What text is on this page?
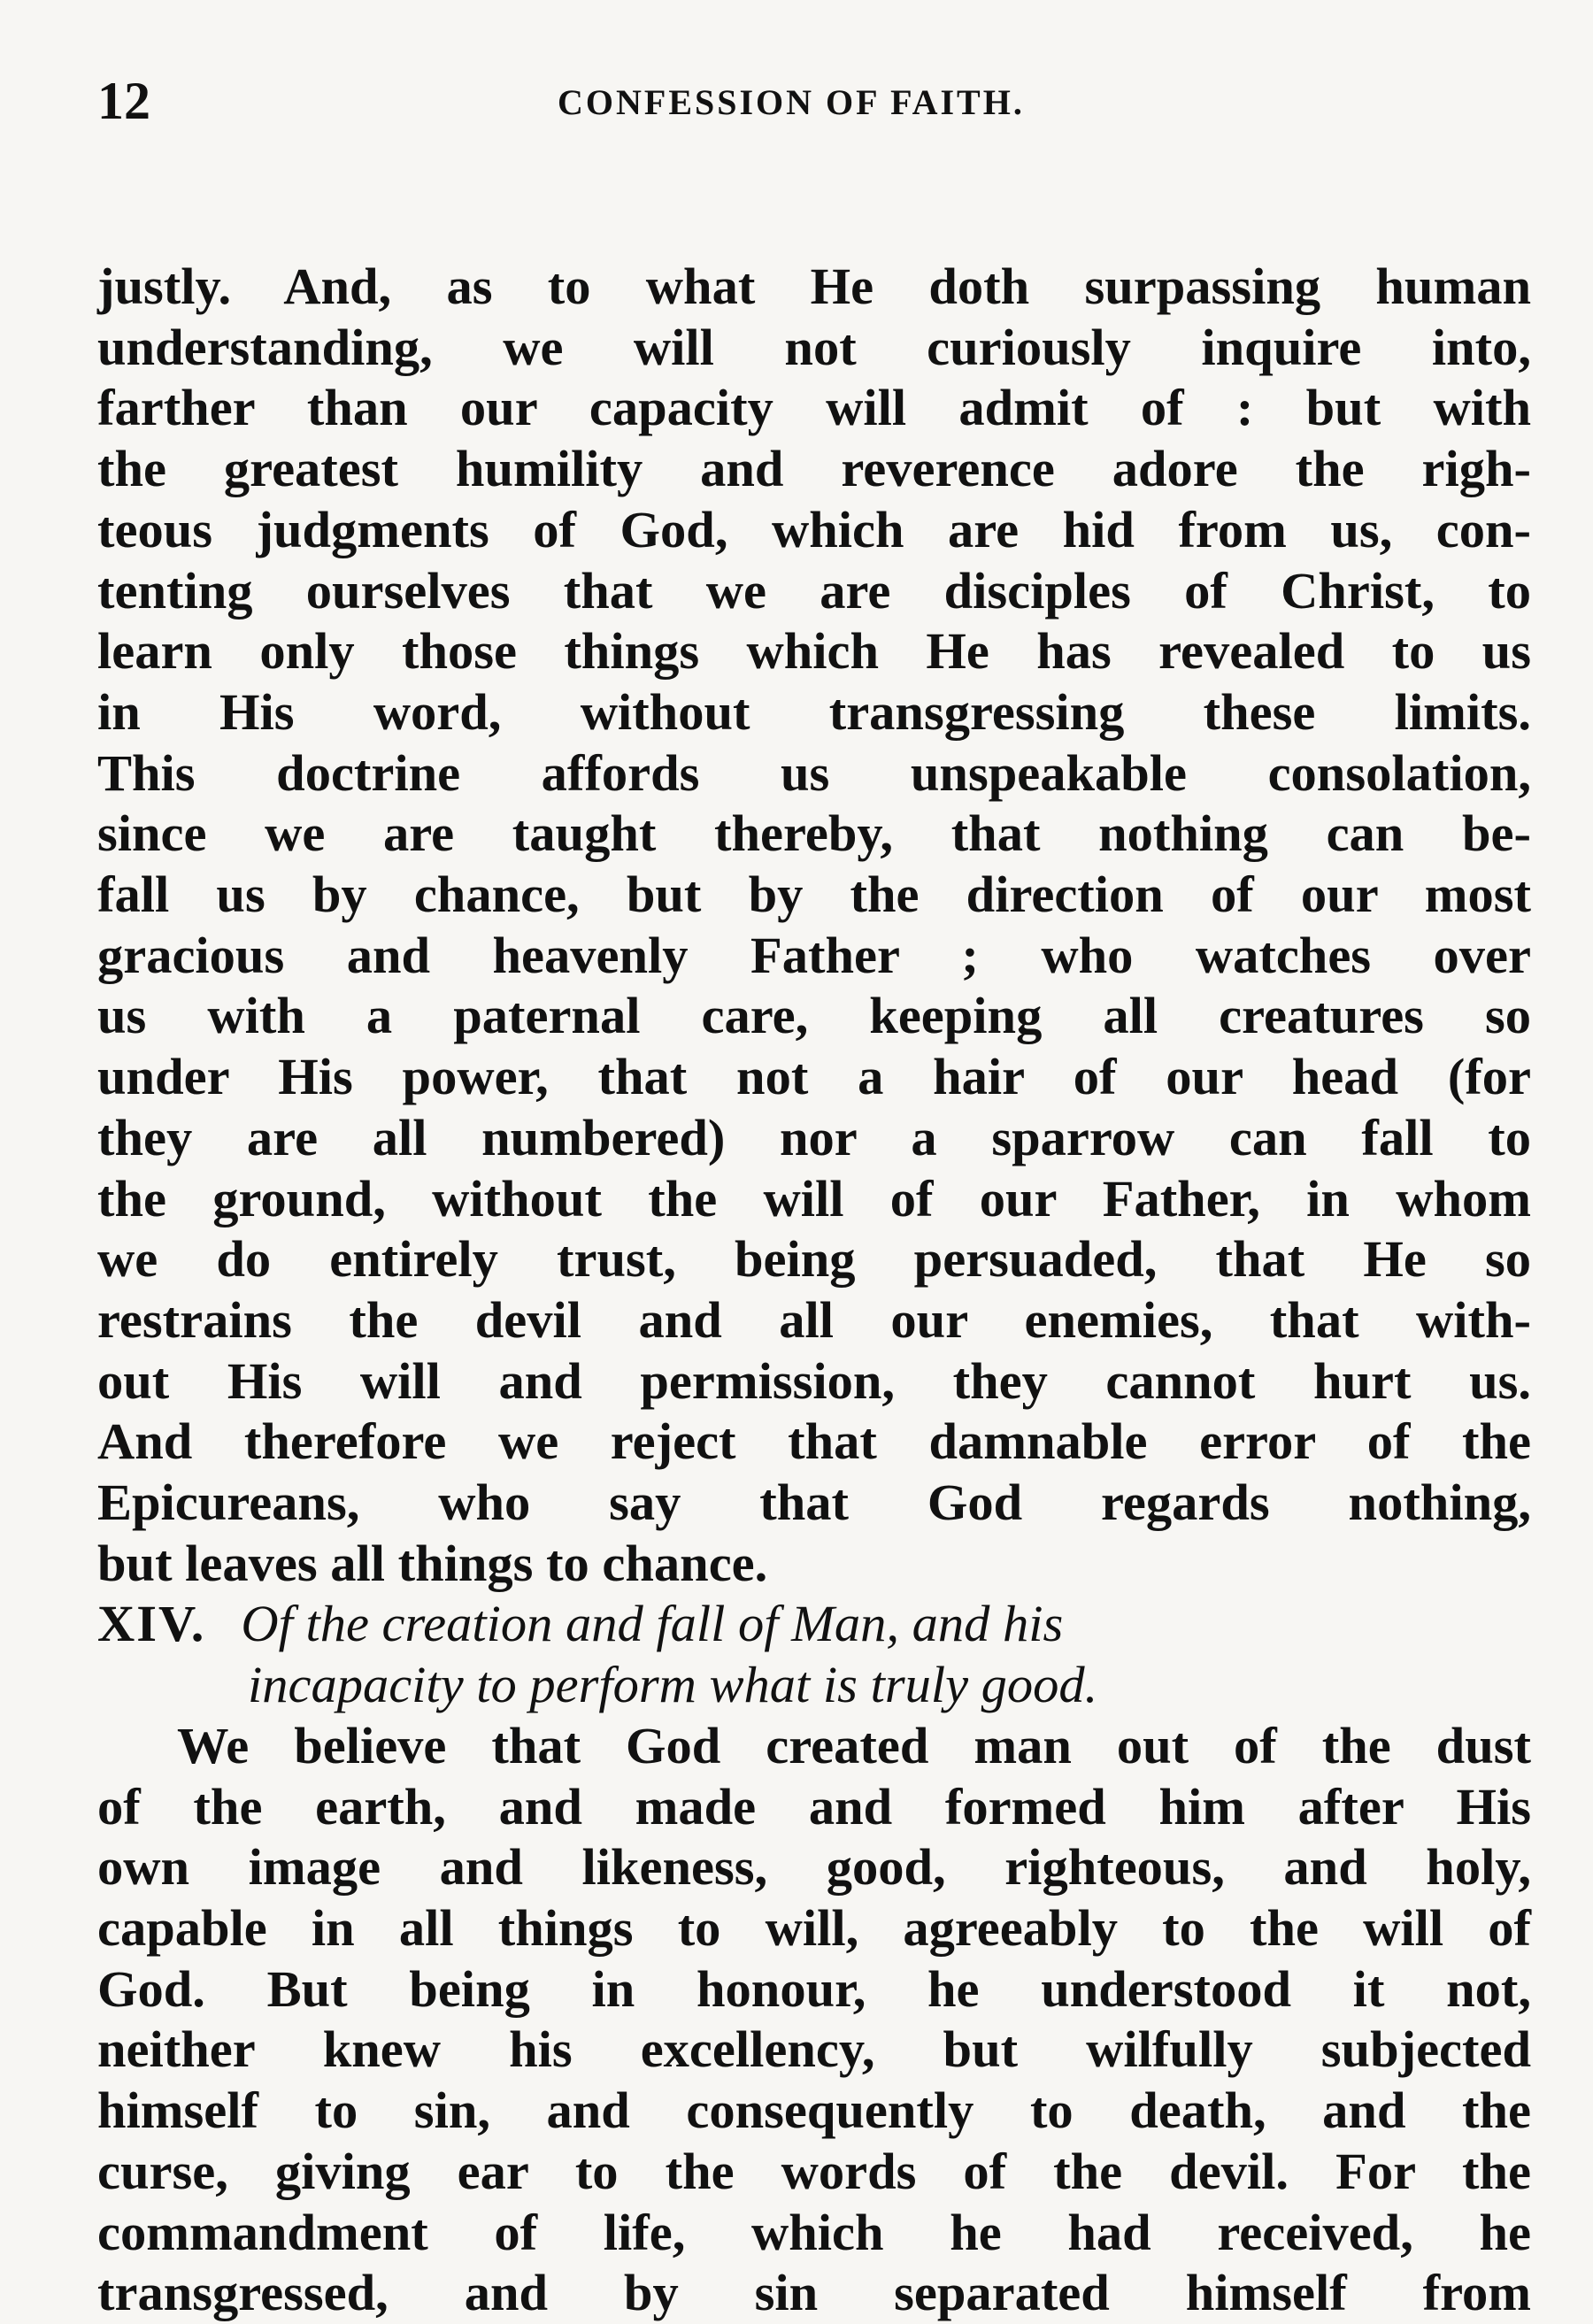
12	CONFESSION OF FAITH.
justly. And, as to what He doth surpassing human
understanding, we will not curiously inquire into,
farther than our capacity will admit of : but with
the greatest humility and reverence adore the righ-
teous judgments of God, which are hid from us, con-
tenting ourselves that we are disciples of Christ, to
learn only those things which He has revealed to us
in His word, without transgressing these limits.
This doctrine affords us unspeakable consolation,
since we are taught thereby, that nothing can be-
fall us by chance, but by the direction of our most
gracious and heavenly Father ; who watches over
us with a paternal care, keeping all creatures so
under His power, that not a hair of our head (for
they are all numbered) nor a sparrow can fall to
the ground, without the will of our Father, in whom
we do entirely trust, being persuaded, that He so
restrains the devil and all our enemies, that with-
out His will and permission, they cannot hurt us.
And therefore we reject that damnable error of the
Epicureans, who say that God regards nothing,
but leaves all things to chance.
XIV. Of the creation and fall of Man, and his
incapacity to perform what is truly good.
We believe that God created man out of the dust
of the earth, and made and formed him after His
own image and likeness, good, righteous, and holy,
capable in all things to will, agreeably to the will of
God. But being in honour, he understood it not,
neither knew his excellency, but wilfully subjected
himself to sin, and consequently to death, and the
curse, giving ear to the words of the devil. For the
commandment of life, which he had received, he
transgressed, and by sin separated himself from
